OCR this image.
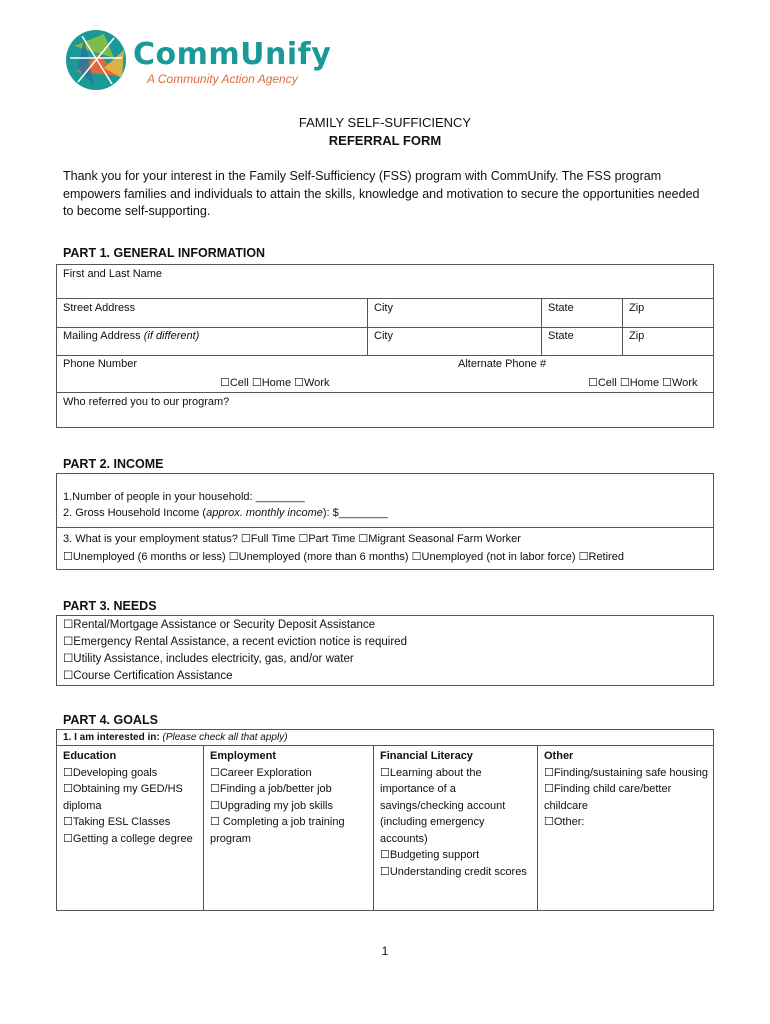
CommUnify
A Community Action Agency
FAMILY SELF-SUFFICIENCY
REFERRAL FORM
Thank you for your interest in the Family Self-Sufficiency (FSS) program with CommUnify. The FSS program empowers families and individuals to attain the skills, knowledge and motivation to secure the opportunities needed to become self-supporting.
PART 1. GENERAL INFORMATION
First and Last Name
Street Address	City	State	Zip
Mailing Address (if different)	City	State	Zip
Phone Number	Alternate Phone #
☐Cell ☐Home ☐Work	☐Cell ☐Home ☐Work
Who referred you to our program?
PART 2. INCOME
1.Number of people in your household: ________
2. Gross Household Income (approx. monthly income): $________
3. What is your employment status? ☐Full Time ☐Part Time ☐Migrant Seasonal Farm Worker
☐Unemployed (6 months or less) ☐Unemployed (more than 6 months) ☐Unemployed (not in labor force) ☐Retired
PART 3. NEEDS
☐Rental/Mortgage Assistance or Security Deposit Assistance
☐Emergency Rental Assistance, a recent eviction notice is required
☐Utility Assistance, includes electricity, gas, and/or water
☐Course Certification Assistance
PART 4. GOALS
1. I am interested in: (Please check all that apply)
Education
☐Developing goals
☐Obtaining my GED/HS diploma
☐Taking ESL Classes
☐Getting a college degree
Employment
☐Career Exploration
☐Finding a job/better job
☐Upgrading my job skills
☐ Completing a job training program
Financial Literacy
☐Learning about the importance of a savings/checking account (including emergency accounts)
☐Budgeting support
☐Understanding credit scores
Other
☐Finding/sustaining safe housing
☐Finding child care/better childcare
☐Other:
1
